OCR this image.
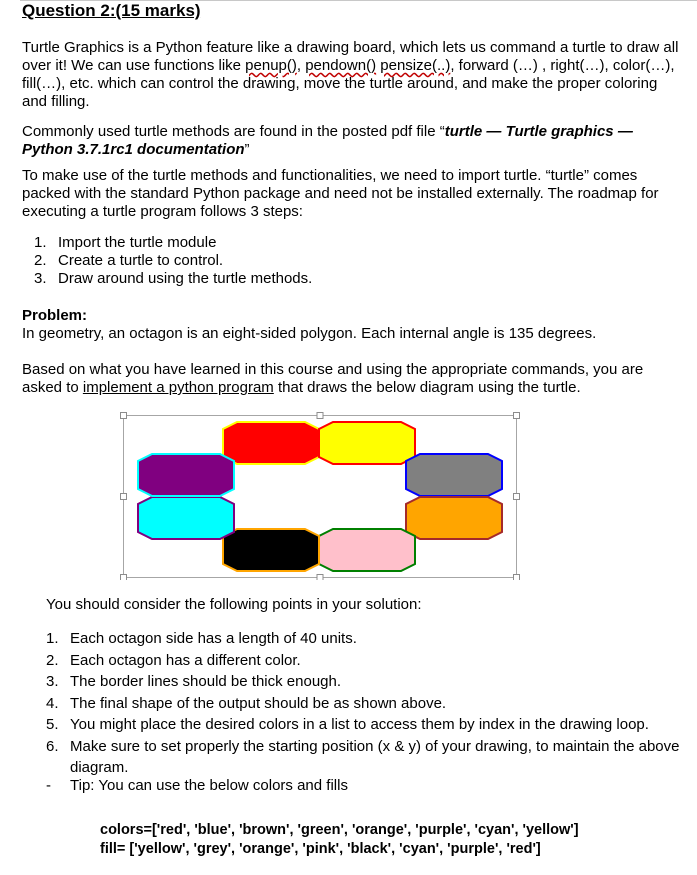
Question 2:(15 marks)
Turtle Graphics is a Python feature like a drawing board, which lets us command a turtle to draw all over it! We can use functions like penup(), pendown() pensize(..), forward (…) , right(…), color(…), fill(…), etc. which can control the drawing, move the turtle around, and make the proper coloring and filling.
Commonly used turtle methods are found in the posted pdf file “turtle — Turtle graphics — Python 3.7.1rc1 documentation”
To make use of the turtle methods and functionalities, we need to import turtle. “turtle” comes packed with the standard Python package and need not be installed externally. The roadmap for executing a turtle program follows 3 steps:
1. Import the turtle module
2. Create a turtle to control.
3. Draw around using the turtle methods.
Problem:
In geometry, an octagon is an eight-sided polygon. Each internal angle is 135 degrees.
Based on what you have learned in this course and using the appropriate commands, you are asked to implement a python program that draws the below diagram using the turtle.
You should consider the following points in your solution:
1. Each octagon side has a length of 40 units.
2. Each octagon has a different color.
3. The border lines should be thick enough.
4. The final shape of the output should be as shown above.
5. You might place the desired colors in a list to access them by index in the drawing loop.
6. Make sure to set properly the starting position (x & y) of your drawing, to maintain the above diagram.
- Tip: You can use the below colors and fills
colors=['red', 'blue', 'brown', 'green', 'orange', 'purple', 'cyan', 'yellow']
fill= ['yellow', 'grey', 'orange', 'pink', 'black', 'cyan', 'purple', 'red']
